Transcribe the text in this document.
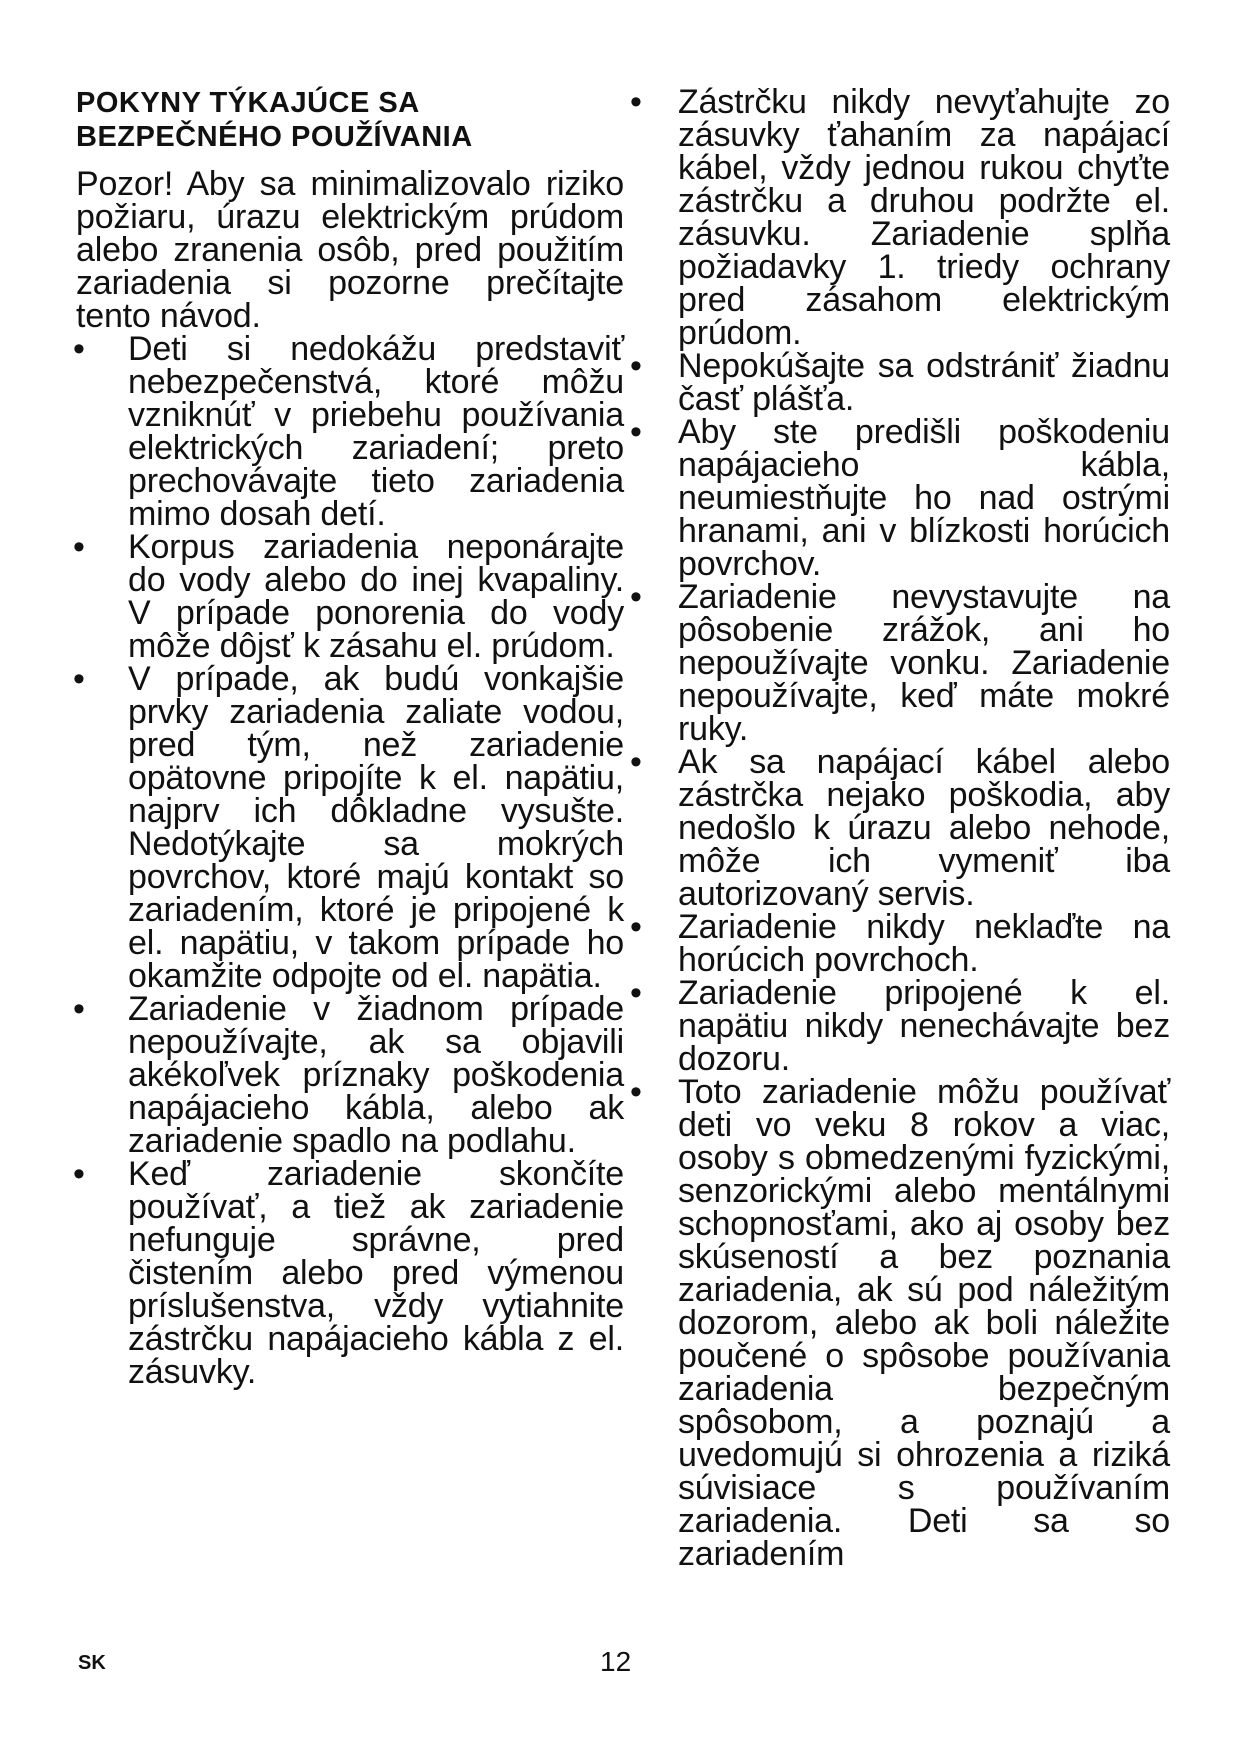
POKYNY TÝKAJÚCE SA BEZPEČNÉHO POUŽÍVANIA

Pozor! Aby sa minimalizovalo riziko požiaru, úrazu elektrickým prúdom alebo zranenia osôb, pred použitím zariadenia si pozorne prečítajte tento návod.

•	Deti si nedokážu predstaviť nebezpečenstvá, ktoré môžu vzniknúť v priebehu používania elektrických zariadení; preto prechovávajte tieto zariadenia mimo dosah detí.
•	Korpus zariadenia neponárajte do vody alebo do inej kvapaliny. V prípade ponorenia do vody môže dôjsť k zásahu el. prúdom.
•	V prípade, ak budú vonkajšie prvky zariadenia zaliate vodou, pred tým, než zariadenie opätovne pripojíte k el. napätiu, najprv ich dôkladne vysušte. Nedotýkajte sa mokrých povrchov, ktoré majú kontakt so zariadením, ktoré je pripojené k el. napätiu, v takom prípade ho okamžite odpojte od el. napätia.
•	Zariadenie v žiadnom prípade nepoužívajte, ak sa objavili akékoľvek príznaky poškodenia napájacieho kábla, alebo ak zariadenie spadlo na podlahu.
•	Keď zariadenie skončíte používať, a tiež ak zariadenie nefunguje správne, pred čistením alebo pred výmenou príslušenstva, vždy vytiahnite zástrčku napájacieho kábla z el. zásuvky.
•	Zástrčku nikdy nevyťahujte zo zásuvky ťahaním za napájací kábel, vždy jednou rukou chyťte zástrčku a druhou podržte el. zásuvku. Zariadenie splňa požiadavky 1. triedy ochrany pred zásahom elektrickým prúdom.
•	Nepokúšajte sa odstrániť žiadnu časť plášťa.
•	Aby ste predišli poškodeniu napájacieho kábla, neumiestňujte ho nad ostrými hranami, ani v blízkosti horúcich povrchov.
•	Zariadenie nevystavujte na pôsobenie zrážok, ani ho nepoužívajte vonku. Zariadenie nepoužívajte, keď máte mokré ruky.
•	Ak sa napájací kábel alebo zástrčka nejako poškodia, aby nedošlo k úrazu alebo nehode, môže ich vymeniť iba autorizovaný servis.
•	Zariadenie nikdy neklaďte na horúcich povrchoch.
•	Zariadenie pripojené k el. napätiu nikdy nenechávajte bez dozoru.
•	Toto zariadenie môžu používať deti vo veku 8 rokov a viac, osoby s obmedzenými fyzickými, senzorickými alebo mentálnymi schopnosťami, ako aj osoby bez skúseností a bez poznania zariadenia, ak sú pod náležitým dozorom, alebo ak boli náležite poučené o spôsobe používania zariadenia bezpečným spôsobom, a poznajú a uvedomujú si ohrozenia a riziká súvisiace s používaním zariadenia. Deti sa so zariadením
SK	12
